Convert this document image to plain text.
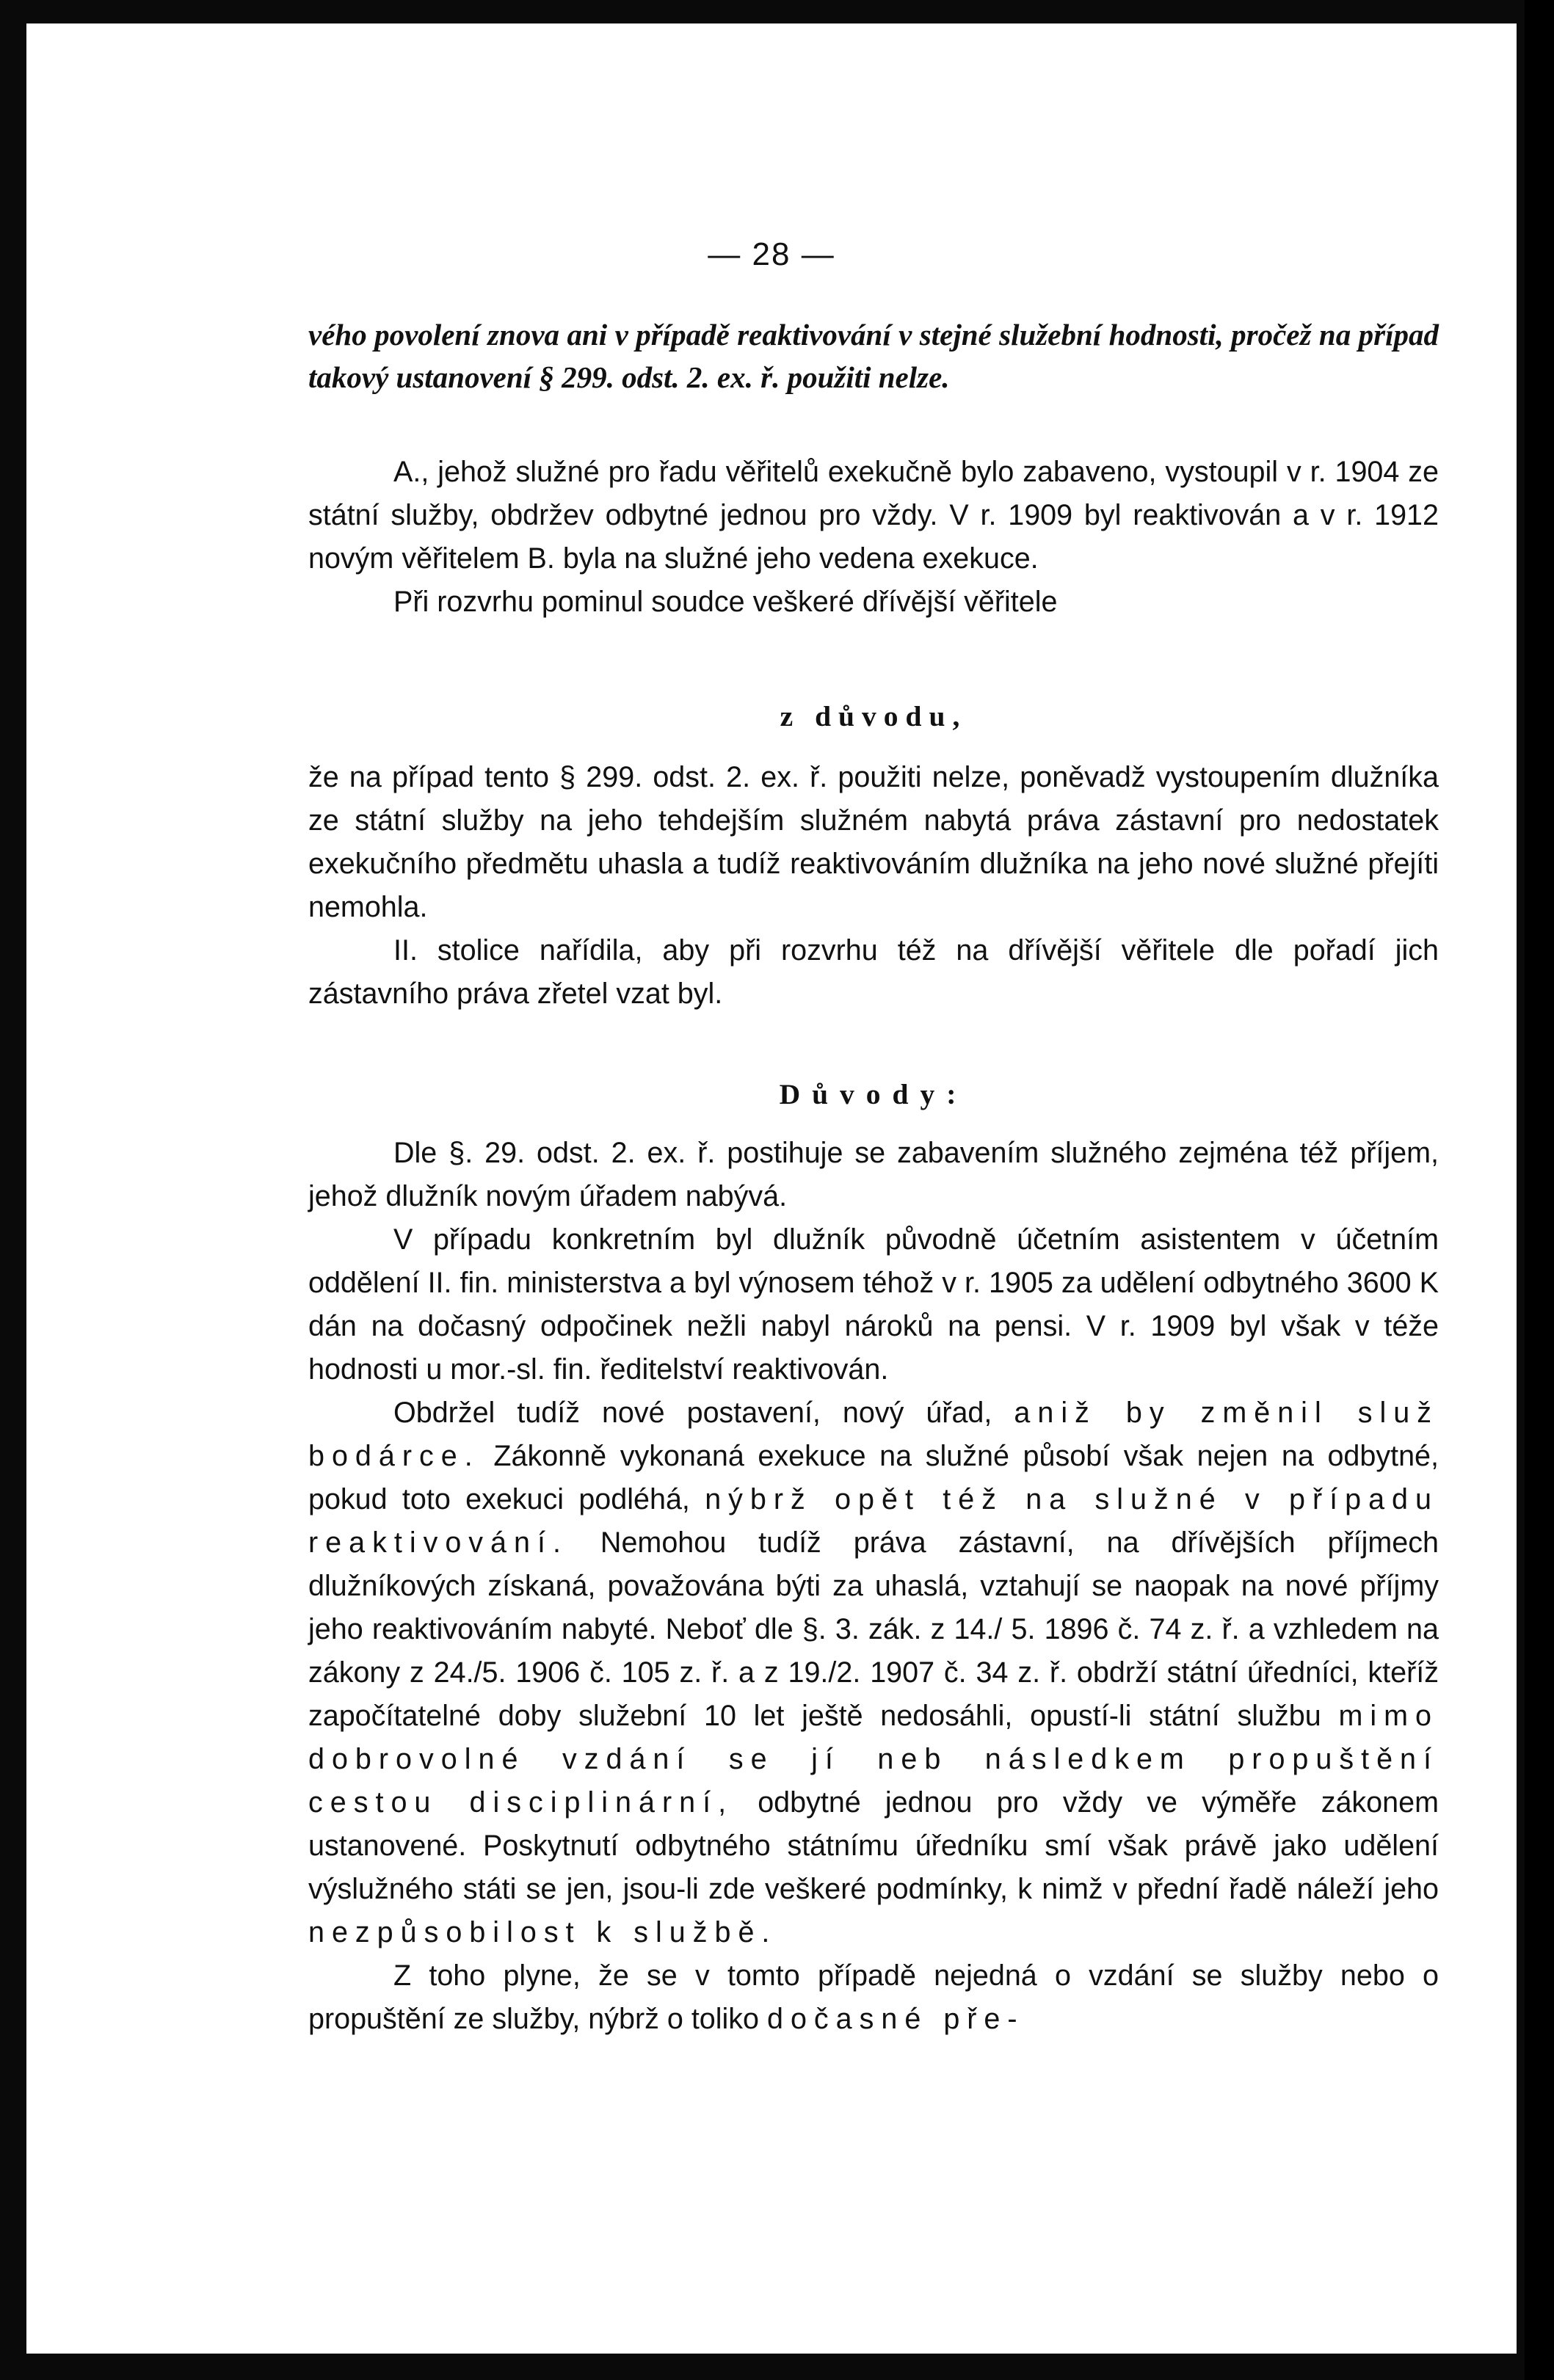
— 28 —

vého povolení znova ani v případě reaktivování v stejné služební hodnosti, pročež na případ takový ustanovení § 299. odst. 2. ex. ř. použiti nelze.

A., jehož služné pro řadu věřitelů exekučně bylo zabaveno, vystoupil v r. 1904 ze státní služby, obdržev odbytné jednou pro vždy. V r. 1909 byl reaktivován a v r. 1912 novým věřitelem B. byla na služné jeho vedena exekuce.

Při rozvrhu pominul soudce veškeré dřívější věřitele

z důvodu,

že na případ tento § 299. odst. 2. ex. ř. použiti nelze, poněvadž vystoupením dlužníka ze státní služby na jeho tehdejším služném nabytá práva zástavní pro nedostatek exekučního předmětu uhasla a tudíž reaktivováním dlužníka na jeho nové služné přejíti nemohla.

II. stolice nařídila, aby při rozvrhu též na dřívější věřitele dle pořadí jich zástavního práva zřetel vzat byl.

Důvody:

Dle §. 29. odst. 2. ex. ř. postihuje se zabavením služného zejména též příjem, jehož dlužník novým úřadem nabývá.

V případu konkretním byl dlužník původně účetním asistentem v účetním oddělení II. fin. ministerstva a byl výnosem téhož v r. 1905 za udělení odbytného 3600 K dán na dočasný odpočinek nežli nabyl nároků na pensi. V r. 1909 byl však v téže hodnosti u mor.-sl. fin. ředitelství reaktivován.

Obdržel tudíž nové postavení, nový úřad, aniž by změnil služ bodárce. Zákonně vykonaná exekuce na služné působí však nejen na odbytné, pokud toto exekuci podléhá, nýbrž opět též na služné v případu reaktivování. Nemohou tudíž práva zástavní, na dřívějších příjmech dlužníkových získaná, považována býti za uhaslá, vztahují se naopak na nové příjmy jeho reaktivováním nabyté. Neboť dle §. 3. zák. z 14./ 5. 1896 č. 74 z. ř. a vzhledem na zákony z 24./5. 1906 č. 105 z. ř. a z 19./2. 1907 č. 34 z. ř. obdrží státní úředníci, kteříž započítatelné doby služební 10 let ještě nedosáhli, opustí-li státní službu mimo dobrovolné vzdání se jí neb následkem propuštění cestou disciplinární, odbytné jednou pro vždy ve výměře zákonem ustanovené. Poskytnutí odbytného státnímu úředníku smí však právě jako udělení výslužného státi se jen, jsou-li zde veškeré podmínky, k nimž v přední řadě náleží jeho nezpůsobilost k službě.

Z toho plyne, že se v tomto případě nejedná o vzdání se služby nebo o propuštění ze služby, nýbrž o toliko dočasné pře-
